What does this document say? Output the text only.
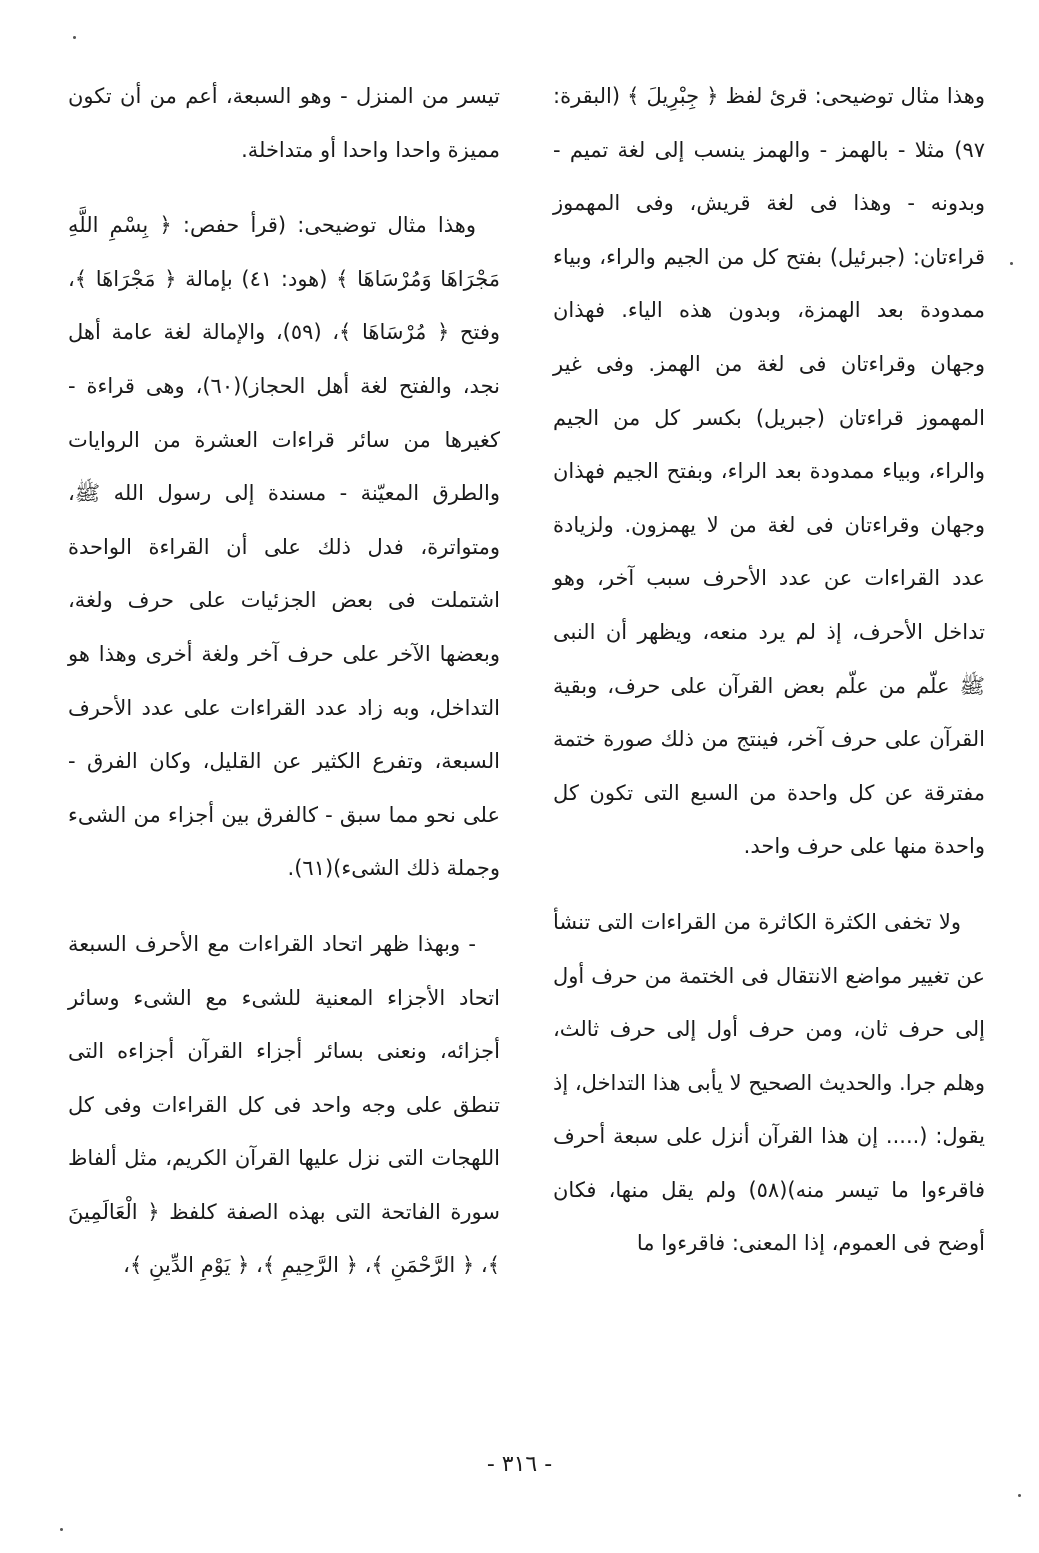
وهذا مثال توضيحى: قرئ لفظ ﴿ جِبْرِيلَ ﴾ (البقرة: ٩٧) مثلا - بالهمز - والهمز ينسب إلى لغة تميم - وبدونه - وهذا فى لغة قريش، وفى المهموز قراءتان: (جبرئيل) بفتح كل من الجيم والراء، وبياء ممدودة بعد الهمزة، وبدون هذه الياء. فهذان وجهان وقراءتان فى لغة من الهمز. وفى غير المهموز قراءتان (جبريل) بكسر كل من الجيم والراء، وبياء ممدودة بعد الراء، وبفتح الجيم فهذان وجهان وقراءتان فى لغة من لا يهمزون. ولزيادة عدد القراءات عن عدد الأحرف سبب آخر، وهو تداخل الأحرف، إذ لم يرد منعه، ويظهر أن النبى ﷺ علّم من علّم بعض القرآن على حرف، وبقية القرآن على حرف آخر، فينتج من ذلك صورة ختمة مفترقة عن كل واحدة من السبع التى تكون كل واحدة منها على حرف واحد.

ولا تخفى الكثرة الكاثرة من القراءات التى تنشأ عن تغيير مواضع الانتقال فى الختمة من حرف أول إلى حرف ثان، ومن حرف أول إلى حرف ثالث، وهلم جرا. والحديث الصحيح لا يأبى هذا التداخل، إذ يقول: (..... إن هذا القرآن أنزل على سبعة أحرف فاقرءوا ما تيسر منه)(٥٨) ولم يقل منها، فكان أوضح فى العموم، إذا المعنى: فاقرءوا ما

تيسر من المنزل - وهو السبعة، أعم من أن تكون مميزة واحدا واحدا أو متداخلة.

وهذا مثال توضيحى: (قرأ حفص: ﴿ بِسْمِ اللَّهِ مَجْرَاهَا وَمُرْسَاهَا ﴾ (هود: ٤١) بإمالة ﴿ مَجْرَاهَا ﴾، وفتح ﴿ مُرْسَاهَا ﴾، (٥٩)، والإمالة لغة عامة أهل نجد، والفتح لغة أهل الحجاز)(٦٠)، وهى قراءة - كغيرها من سائر قراءات العشرة من الروايات والطرق المعيّنة - مسندة إلى رسول الله ﷺ، ومتواترة، فدل ذلك على أن القراءة الواحدة اشتملت فى بعض الجزئيات على حرف ولغة، وبعضها الآخر على حرف آخر ولغة أخرى وهذا هو التداخل، وبه زاد عدد القراءات على عدد الأحرف السبعة، وتفرع الكثير عن القليل، وكان الفرق - على نحو مما سبق - كالفرق بين أجزاء من الشىء وجملة ذلك الشىء)(٦١).

- وبهذا ظهر اتحاد القراءات مع الأحرف السبعة اتحاد الأجزاء المعنية للشىء مع الشىء وسائر أجزائه، ونعنى بسائر أجزاء القرآن أجزاءه التى تنطق على وجه واحد فى كل القراءات وفى كل اللهجات التى نزل عليها القرآن الكريم، مثل ألفاظ سورة الفاتحة التى بهذه الصفة كلفظ ﴿ الْعَالَمِينَ ﴾، ﴿ الرَّحْمَنِ ﴾، ﴿ الرَّحِيمِ ﴾، ﴿ يَوْمِ الدِّينِ ﴾،

- ٣١٦ -
